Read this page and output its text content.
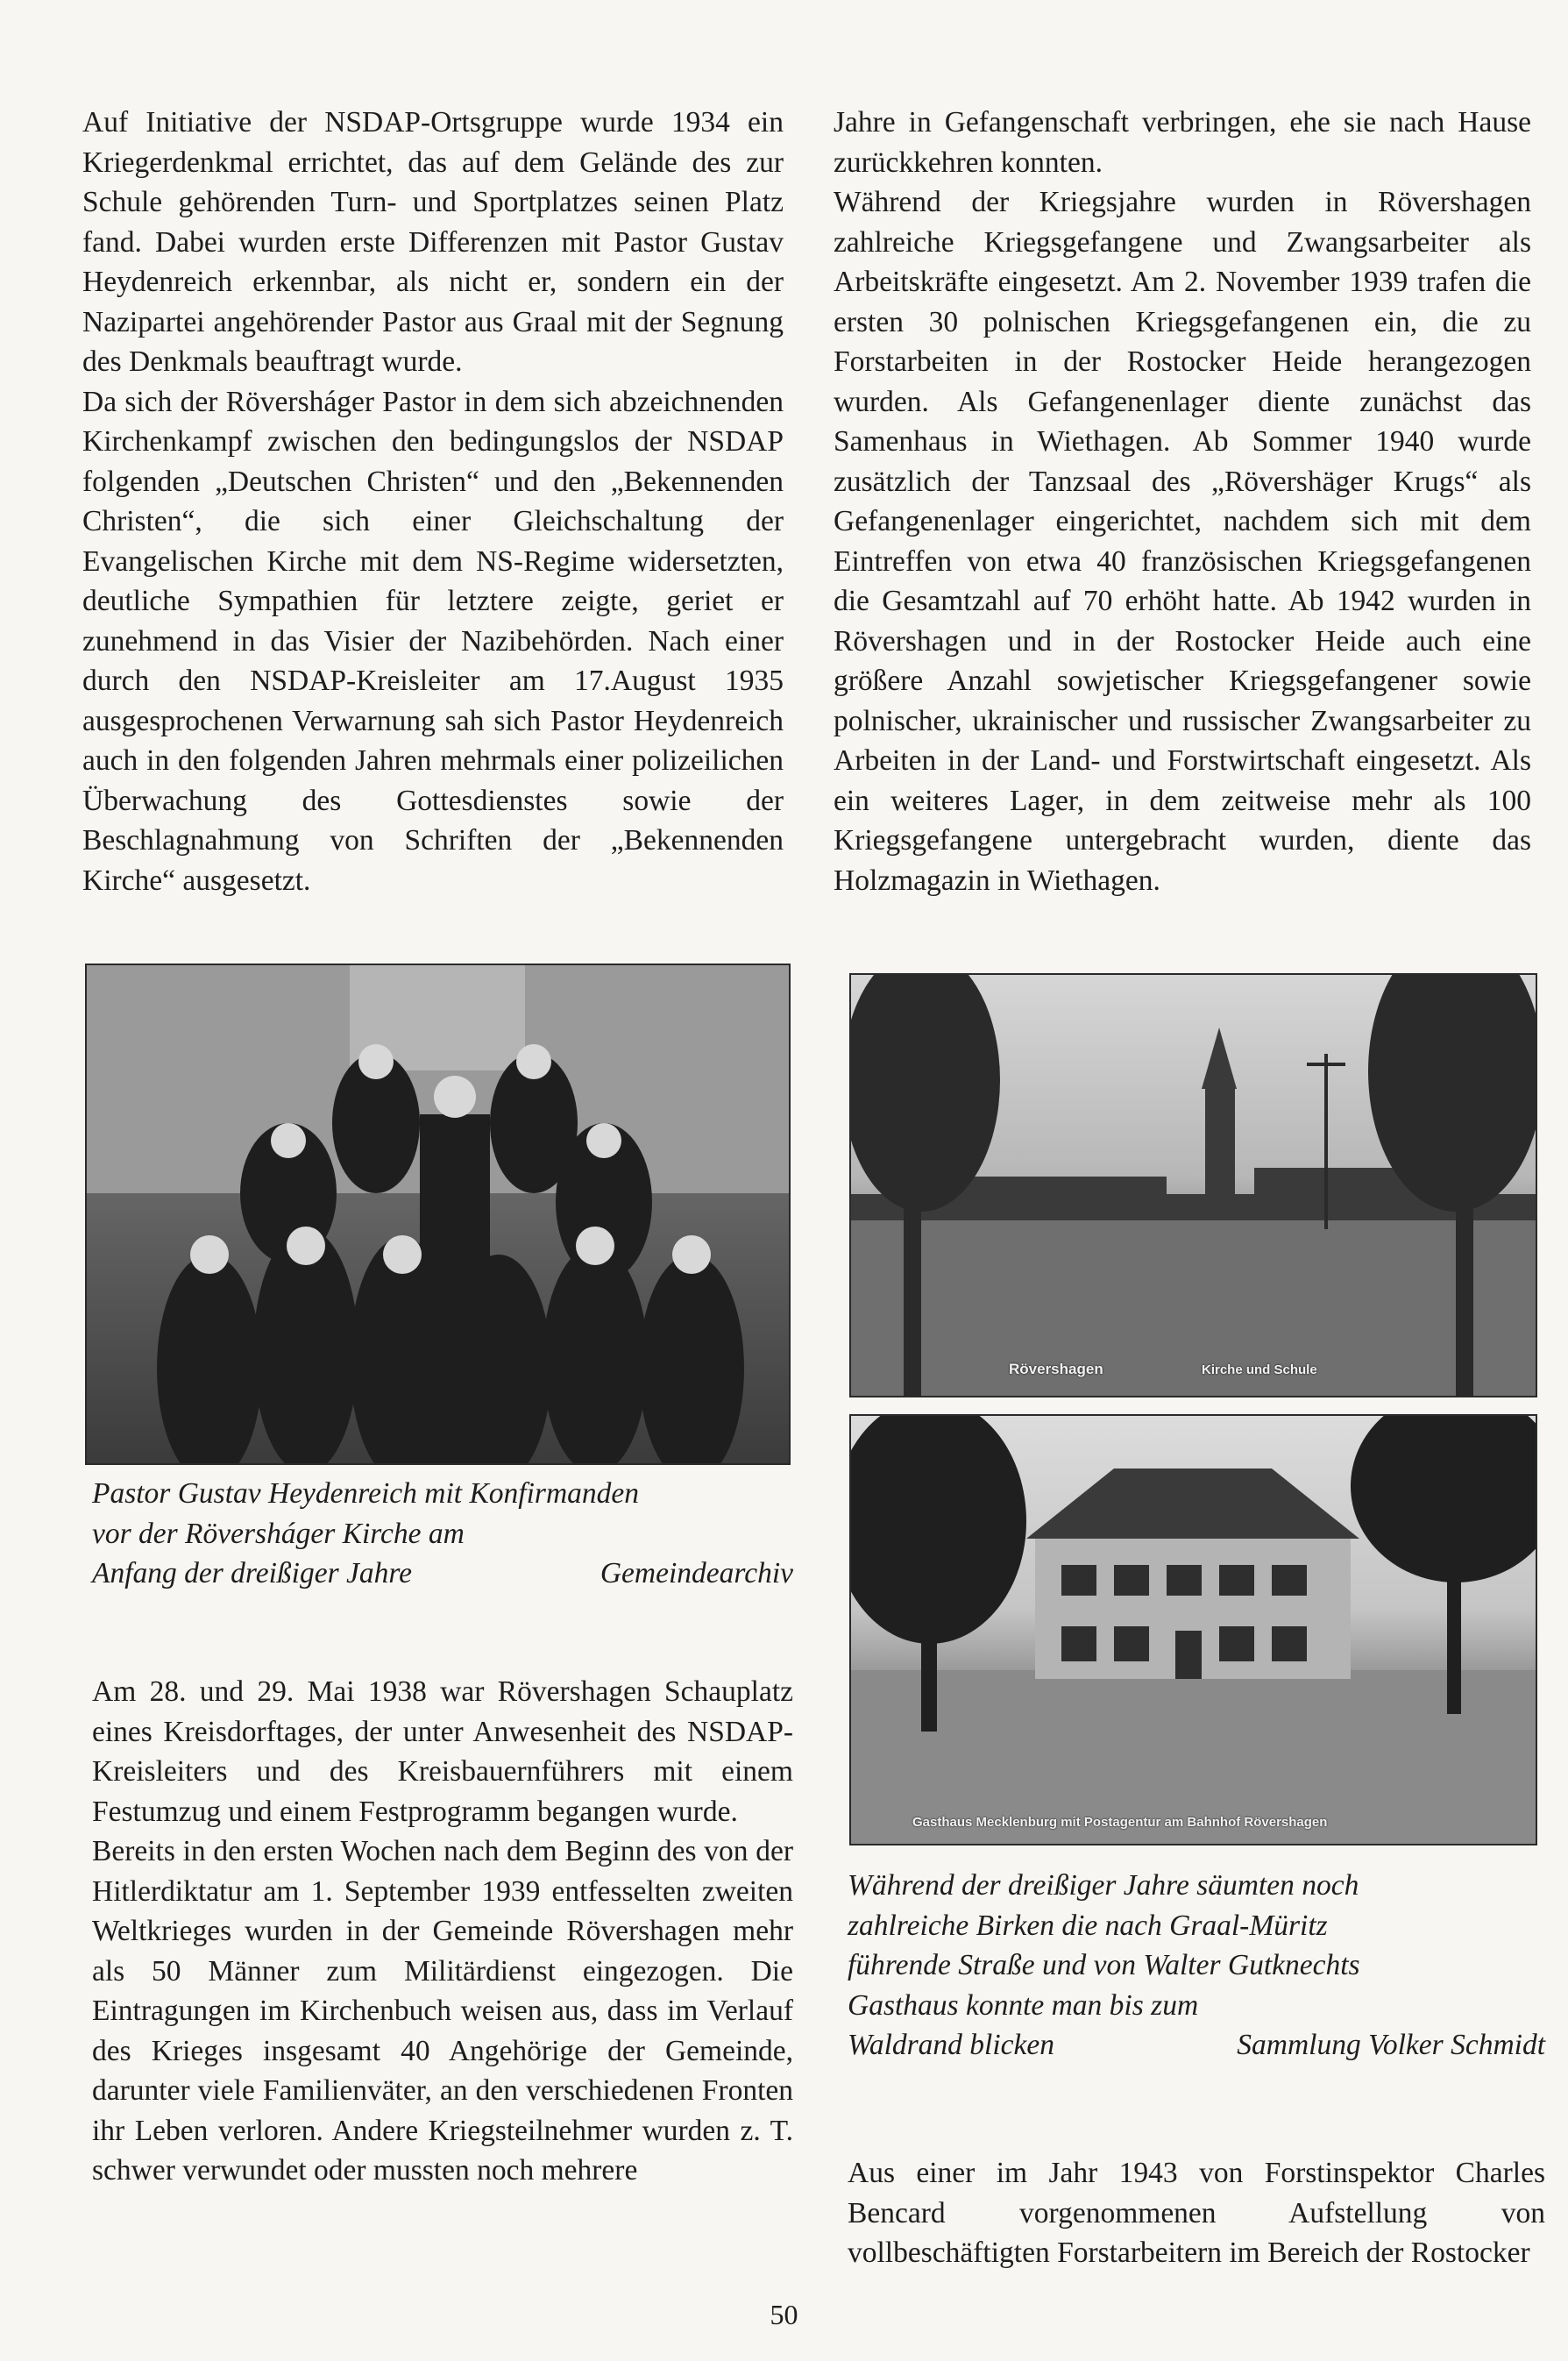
Auf Initiative der NSDAP-Ortsgruppe wurde 1934 ein Kriegerdenkmal errichtet, das auf dem Gelände des zur Schule gehörenden Turn- und Sportplatzes seinen Platz fand. Dabei wurden erste Differenzen mit Pastor Gustav Heydenreich erkennbar, als nicht er, sondern ein der Nazipartei angehörender Pastor aus Graal mit der Segnung des Denkmals beauftragt wurde.

Da sich der Röversháger Pastor in dem sich abzeichnenden Kirchenkampf zwischen den bedingungslos der NSDAP folgenden „Deutschen Christen“ und den „Bekennenden Christen“, die sich einer Gleichschaltung der Evangelischen Kirche mit dem NS-Regime widersetzten, deutliche Sympathien für letztere zeigte, geriet er zunehmend in das Visier der Nazibehörden. Nach einer durch den NSDAP-Kreisleiter am 17.August 1935 ausgesprochenen Verwarnung sah sich Pastor Heydenreich auch in den folgenden Jahren mehrmals einer polizeilichen Überwachung des Gottesdienstes sowie der Beschlagnahmung von Schriften der „Bekennenden Kirche“ ausgesetzt.

Pastor Gustav Heydenreich mit Konfirmanden

vor der Röversháger Kirche am

Anfang der dreißiger Jahre	Gemeindearchiv

Am 28. und 29. Mai 1938 war Rövershagen Schauplatz eines Kreisdorftages, der unter Anwesenheit des NSDAP-Kreisleiters und des Kreisbauernführers mit einem Festumzug und einem Festprogramm begangen wurde.

Bereits in den ersten Wochen nach dem Beginn des von der Hitlerdiktatur am 1. September 1939 entfesselten zweiten Weltkrieges wurden in der Gemeinde Rövershagen mehr als 50 Männer zum Militärdienst eingezogen. Die Eintragungen im Kirchenbuch weisen aus, dass im Verlauf des Krieges insgesamt 40 Angehörige der Gemeinde, darunter viele Familienväter, an den verschiedenen Fronten ihr Leben verloren. Andere Kriegsteilnehmer wurden z. T. schwer verwundet oder mussten noch mehrere

Jahre in Gefangenschaft verbringen, ehe sie nach Hause zurückkehren konnten.

Während der Kriegsjahre wurden in Rövershagen zahlreiche Kriegsgefangene und Zwangsarbeiter als Arbeitskräfte eingesetzt. Am 2. November 1939 trafen die ersten 30 polnischen Kriegsgefangenen ein, die zu Forstarbeiten in der Rostocker Heide herangezogen wurden. Als Gefangenenlager diente zunächst das Samenhaus in Wiethagen. Ab Sommer 1940 wurde zusätzlich der Tanzsaal des „Rövershäger Krugs“ als Gefangenenlager eingerichtet, nachdem sich mit dem Eintreffen von etwa 40 französischen Kriegsgefangenen die Gesamtzahl auf 70 erhöht hatte. Ab 1942 wurden in Rövershagen und in der Rostocker Heide auch eine größere Anzahl sowjetischer Kriegsgefangener sowie polnischer, ukrainischer und russischer Zwangsarbeiter zu Arbeiten in der Land- und Forstwirtschaft eingesetzt. Als ein weiteres Lager, in dem zeitweise mehr als 100 Kriegsgefangene untergebracht wurden, diente das Holzmagazin in Wiethagen.

Rövershagen	Kirche und Schule
Gasthaus Mecklenburg mit Postagentur am Bahnhof Rövershagen

Während der dreißiger Jahre säumten noch

zahlreiche Birken die nach Graal-Müritz

führende Straße und von Walter Gutknechts

Gasthaus konnte man bis zum

Waldrand blicken	Sammlung Volker Schmidt

Aus einer im Jahr 1943 von Forstinspektor Charles Bencard vorgenommenen Aufstellung von vollbeschäftigten Forstarbeitern im Bereich der Rostocker

50
